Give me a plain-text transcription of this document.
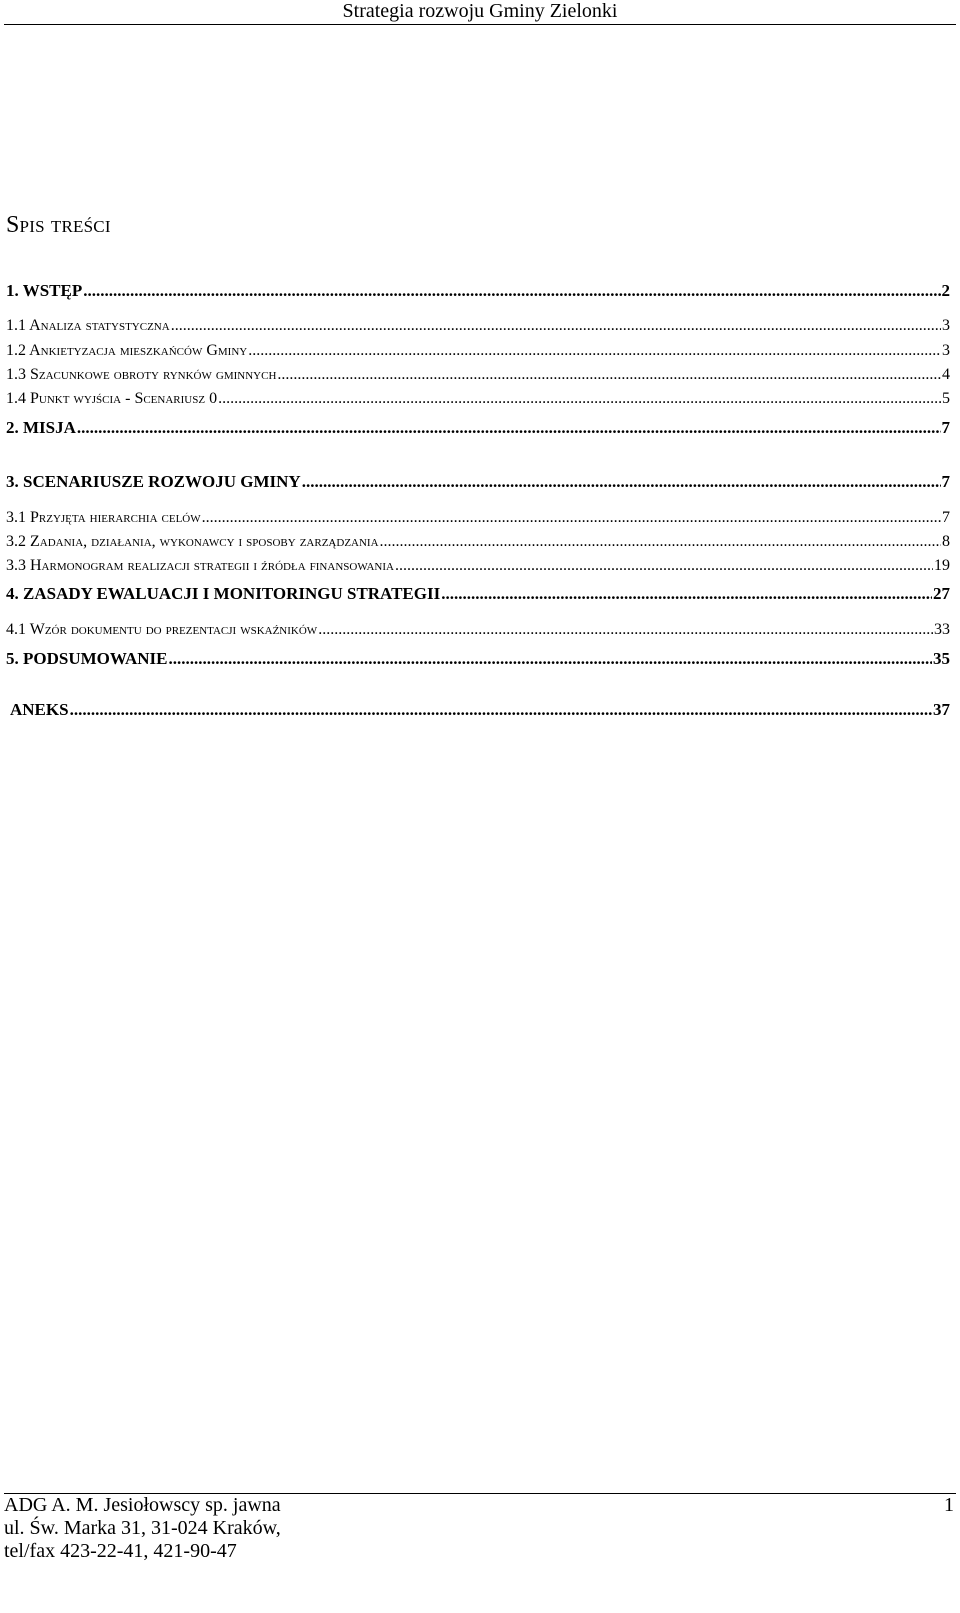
Strategia rozwoju Gminy Zielonki
Spis treści
1. WSTĘP .....	2
1.1 Analiza statystyczna .....	3
1.2 Ankietyzacja mieszkańców Gminy .....	3
1.3 Szacunkowe obroty rynków gminnych .....	4
1.4 Punkt wyjścia - Scenariusz 0 .....	5
2. MISJA .....	7
3. SCENARIUSZE ROZWOJU GMINY .....	7
3.1 Przyjęta hierarchia celów .....	7
3.2 Zadania, działania, wykonawcy i sposoby zarządzania .....	8
3.3 Harmonogram realizacji strategii i źródła finansowania .....	19
4. ZASADY EWALUACJI I MONITORINGU STRATEGII .....	27
4.1 Wzór dokumentu do prezentacji wskaźników .....	33
5. PODSUMOWANIE .....	35
ANEKS .....	37
ADG A. M. Jesiołowscy sp. jawna
ul. Św. Marka 31, 31-024 Kraków,
tel/fax 423-22-41, 421-90-47
1
